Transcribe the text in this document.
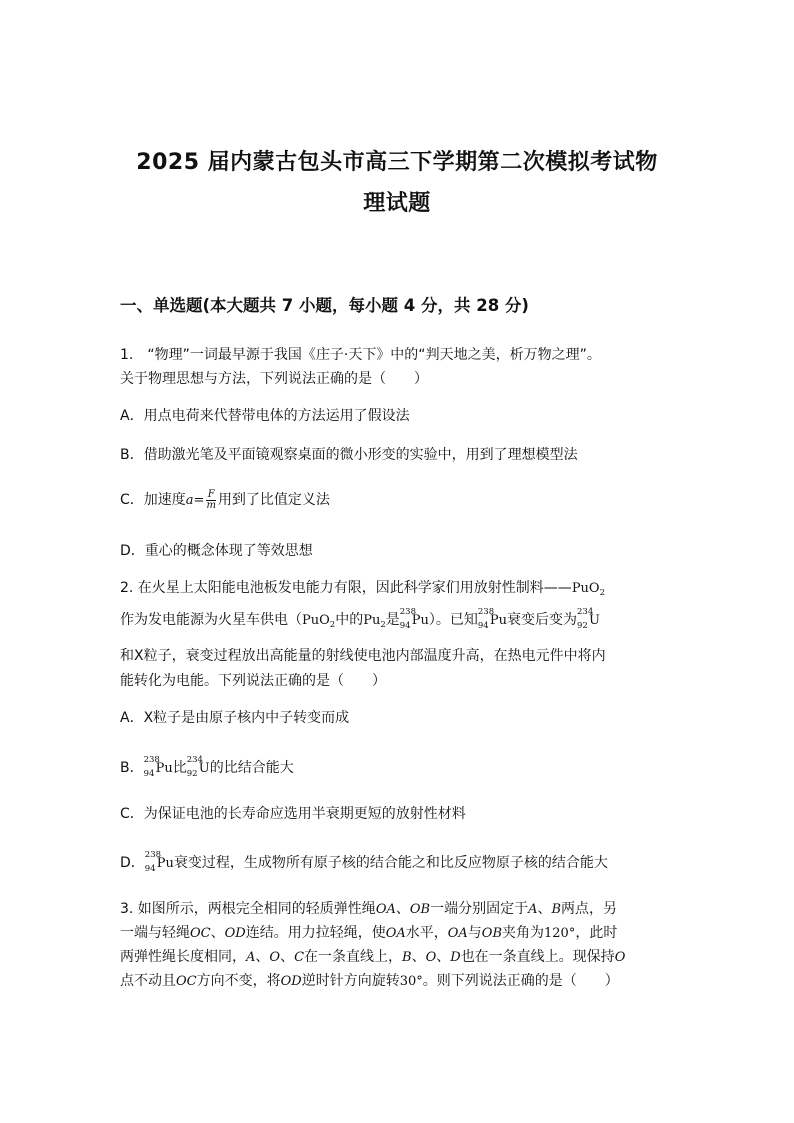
2025 届内蒙古包头市高三下学期第二次模拟考试物
理试题
一、单选题(本大题共 7 小题，每小题 4 分，共 28 分)
1.　“物理”一词最早源于我国《庄子·天下》中的“判天地之美，析万物之理”。
关于物理思想与方法，下列说法正确的是（　　）
A．用点电荷来代替带电体的方法运用了假设法
B．借助激光笔及平面镜观察桌面的微小形变的实验中，用到了理想模型法
C．加速度$a= \frac{F}{m}$ 用到了比值定义法
D．重心的概念体现了等效思想
2. 在火星上太阳能电池板发电能力有限，因此科学家们用放射性制料——PuO$_2$
作为发电能源为火星车供电（PuO$_2$中的$Pu_2$是 238
94 Pu）。已知 238
94 Pu衰变后变为 234
92 U
和X粒子，衰变过程放出高能量的射线使电池内部温度升高，在热电元件中将内
能转化为电能。下列说法正确的是（　　）
A．X粒子是由原子核内中子转变而成
B． 238
94 Pu比 234
92 U的比结合能大
C．为保证电池的长寿命应选用半衰期更短的放射性材料
D． 238
94 Pu衰变过程，生成物所有原子核的结合能之和比反应物原子核的结合能大
3. 如图所示，两根完全相同的轻质弹性绳OA、OB一端分别固定于A、B两点，另
一端与轻绳OC、OD连结。用力拉轻绳，使OA水平，OA与OB夹角为120°，此时
两弹性绳长度相同，A、O、C在一条直线上，B、O、D也在一条直线上。现保持O
点不动且OC方向不变，将OD逆时针方向旋转30°。则下列说法正确的是（　　）
